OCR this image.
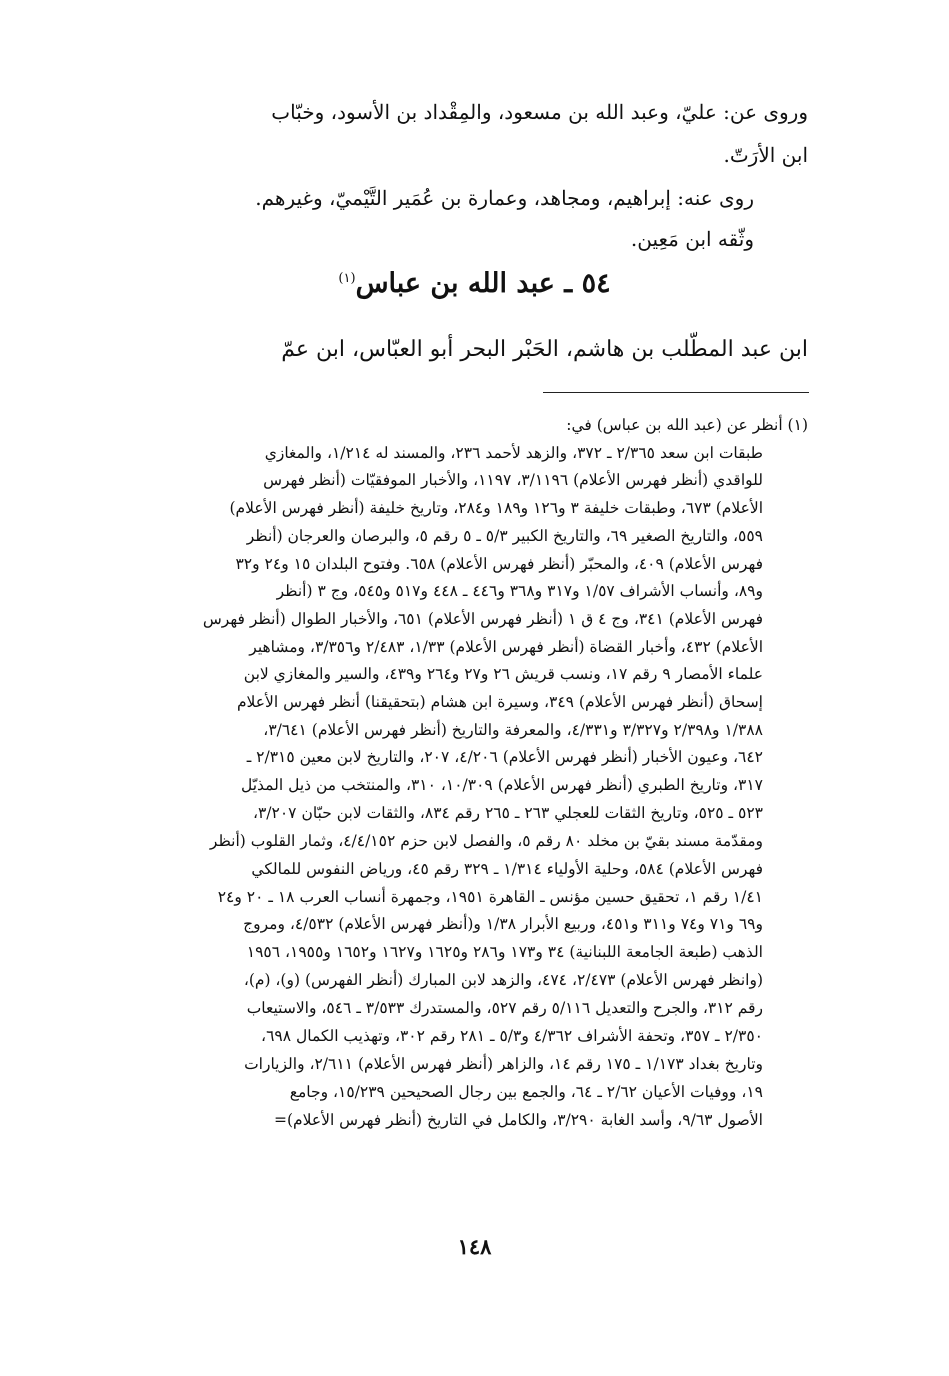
وروى عن: عليّ، وعبد الله بن مسعود، والمِقْداد بن الأسود، وخبّاب
ابن الأرَتّ.
روى عنه: إبراهيم، ومجاهد، وعمارة بن عُمَير التَّيْميّ، وغيرهم.
وثّقه ابن مَعِين.
٥٤ ـ عبد الله بن عباس$^{(١)}$
ابن عبد المطّلب بن هاشم، الحَبْر البحر أبو العبّاس، ابن عمّ
(١) أنظر عن (عبد الله بن عباس) في:
طبقات ابن سعد ٢/٣٦٥ ـ ٣٧٢، والزهد لأحمد ٢٣٦، والمسند له ١/٢١٤، والمغازي
للواقدي (أنظر فهرس الأعلام) ٣/١١٩٦، ١١٩٧، والأخبار الموفقيّات (أنظر فهرس
الأعلام) ٦٧٣، وطبقات خليفة ٣ و١٢٦ و١٨٩ و٢٨٤، وتاريخ خليفة (أنظر فهرس الأعلام)
٥٥٩، والتاريخ الصغير ٦٩، والتاريخ الكبير ٥/٣ ـ ٥ رقم ٥، والبرصان والعرجان (أنظر
فهرس الأعلام) ٤٠٩، والمحبّر (أنظر فهرس الأعلام) ٦٥٨. وفتوح البلدان ١٥ و٢٤ و٣٢
و٨٩، وأنساب الأشراف ١/٥٧ و٣١٧ و٣٦٨ و٤٤٦ ـ ٤٤٨ و٥١٧ و٥٤٥، وج ٣ (أنظر
فهرس الأعلام) ٣٤١، وج ٤ ق ١ (أنظر فهرس الأعلام) ٦٥١، والأخبار الطوال (أنظر فهرس
الأعلام) ٤٣٢، وأخبار القضاة (أنظر فهرس الأعلام) ١/٣٣، ٢/٤٨٣ و٣/٣٥٦، ومشاهير
علماء الأمصار ٩ رقم ١٧، ونسب قريش ٢٦ و٢٧ و٢٦٤ و٤٣٩، والسير والمغازي لابن
إسحاق (أنظر فهرس الأعلام) ٣٤٩، وسيرة ابن هشام (بتحقيقنا) أنظر فهرس الأعلام
١/٣٨٨ و٢/٣٩٨ و٣/٣٢٧ و٤/٣٣١، والمعرفة والتاريخ (أنظر فهرس الأعلام) ٣/٦٤١،
٦٤٢، وعيون الأخبار (أنظر فهرس الأعلام) ٤/٢٠٦، ٢٠٧، والتاريخ لابن معين ٢/٣١٥ ـ
٣١٧، وتاريخ الطبري (أنظر فهرس الأعلام) ١٠/٣٠٩، ٣١٠، والمنتخب من ذيل المذيّل
٥٢٣ ـ ٥٢٥، وتاريخ الثقات للعجلي ٢٦٣ ـ ٢٦٥ رقم ٨٣٤، والثقات لابن حبّان ٣/٢٠٧،
ومقدّمة مسند بقيّ بن مخلد ٨٠ رقم ٥، والفصل لابن حزم ٤/٤/١٥٢، وثمار القلوب (أنظر
فهرس الأعلام) ٥٨٤، وحلية الأولياء ١/٣١٤ ـ ٣٢٩ رقم ٤٥، ورياض النفوس للمالكي
١/٤١ رقم ١، تحقيق حسين مؤنس ـ القاهرة ١٩٥١، وجمهرة أنساب العرب ١٨ ـ ٢٠ و٢٤
و٦٩ و٧١ و٧٤ و٣١١ و٤٥١، وربيع الأبرار ١/٣٨ و(أنظر فهرس الأعلام) ٤/٥٣٢، ومروج
الذهب (طبعة الجامعة اللبنانية) ٣٤ و١٧٣ و٢٨٦ و١٦٢٥ و١٦٢٧ و١٦٥٢ و١٩٥٥، ١٩٥٦
(وانظر فهرس الأعلام) ٢/٤٧٣، ٤٧٤، والزهد لابن المبارك (أنظر الفهرس) (و)، (م)،
رقم ٣١٢، والجرح والتعديل ٥/١١٦ رقم ٥٢٧، والمستدرك ٣/٥٣٣ ـ ٥٤٦، والاستيعاب
٢/٣٥٠ ـ ٣٥٧، وتحفة الأشراف ٤/٣٦٢ و٥/٣ ـ ٢٨١ رقم ٣٠٢، وتهذيب الكمال ٦٩٨،
وتاريخ بغداد ١/١٧٣ ـ ١٧٥ رقم ١٤، والزاهر (أنظر فهرس الأعلام) ٢/٦١١، والزيارات
١٩، ووفيات الأعيان ٢/٦٢ ـ ٦٤، والجمع بين رجال الصحيحين ١٥/٢٣٩، وجامع
الأصول ٩/٦٣، وأسد الغابة ٣/٢٩٠، والكامل في التاريخ (أنظر فهرس الأعلام)=
١٤٨
